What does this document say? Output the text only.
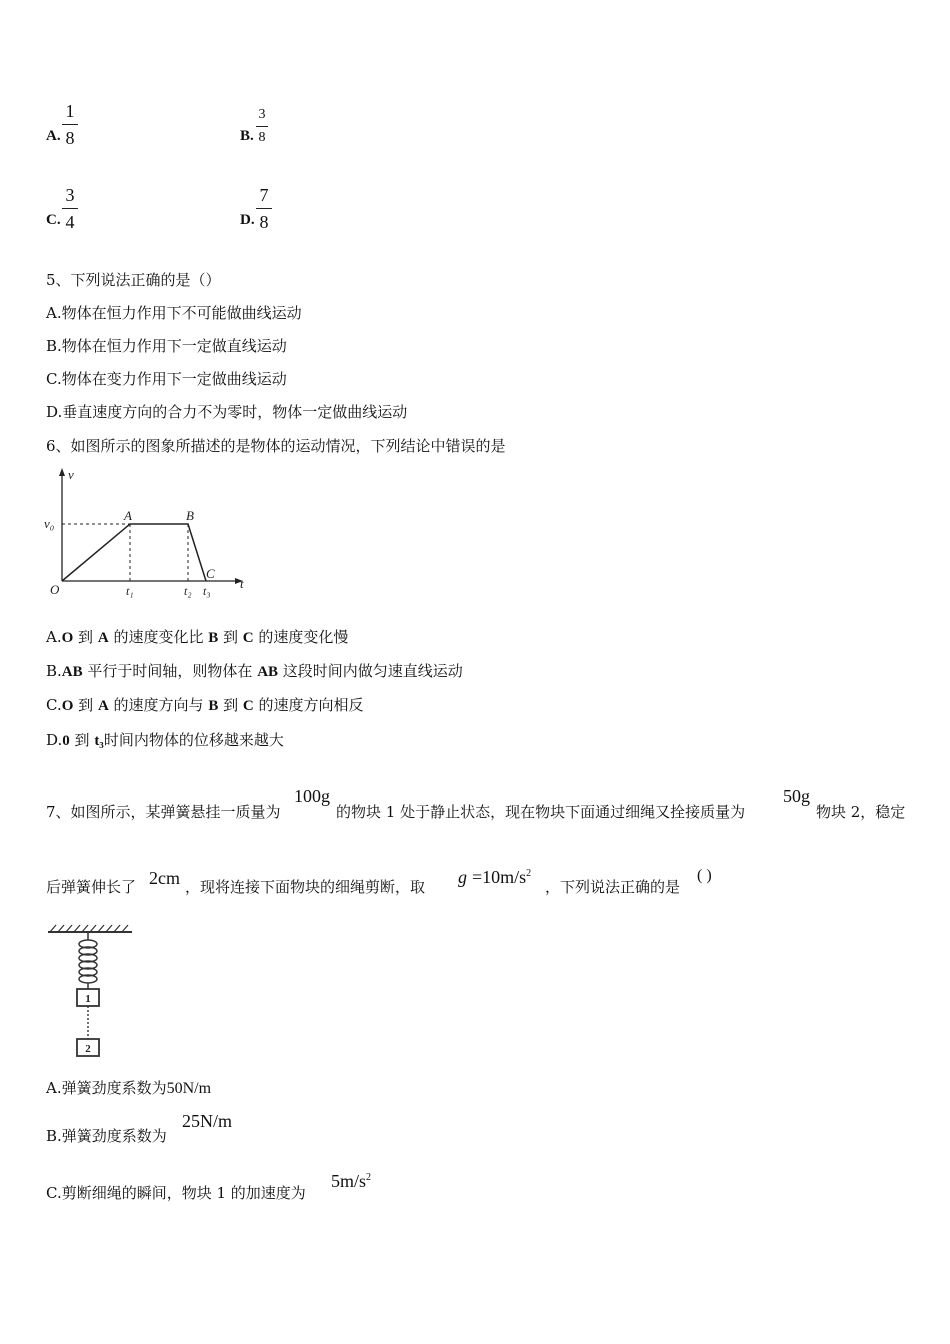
A.
1
8	B.
3
8
C.
3
4	D.
7
8
5、下列说法正确的是（）
A.物体在恒力作用下不可能做曲线运动
B.物体在恒力作用下一定做直线运动
C.物体在变力作用下一定做曲线运动
D.垂直速度方向的合力不为零时，物体一定做曲线运动
6、如图所示的图象所描述的是物体的运动情况，下列结论中错误的是
v
v₀
O
A	B
C
t
t₁	t₂ t₃
A.O 到 A 的速度变化比 B 到 C 的速度变化慢
B.AB 平行于时间轴，则物体在 AB 这段时间内做匀速直线运动
C.O 到 A 的速度方向与 B 到 C 的速度方向相反
D.0 到 t₃时间内物体的位移越来越大
7、如图所示，某弹簧悬挂一质量为
100g
的物块 1 处于静止状态，现在物块下面通过细绳又拴接质量为
50g
物块 2，稳定
后弹簧伸长了 2cm ，现将连接下面物块的细绳剪断，取 $g =10m/s^2$
，下列说法正确的是
( )
1
2
A.弹簧劲度系数为50N/m
B.弹簧劲度系数为
25N/m
C.剪断细绳的瞬间，物块 1 的加速度为
$5m/s^2$
